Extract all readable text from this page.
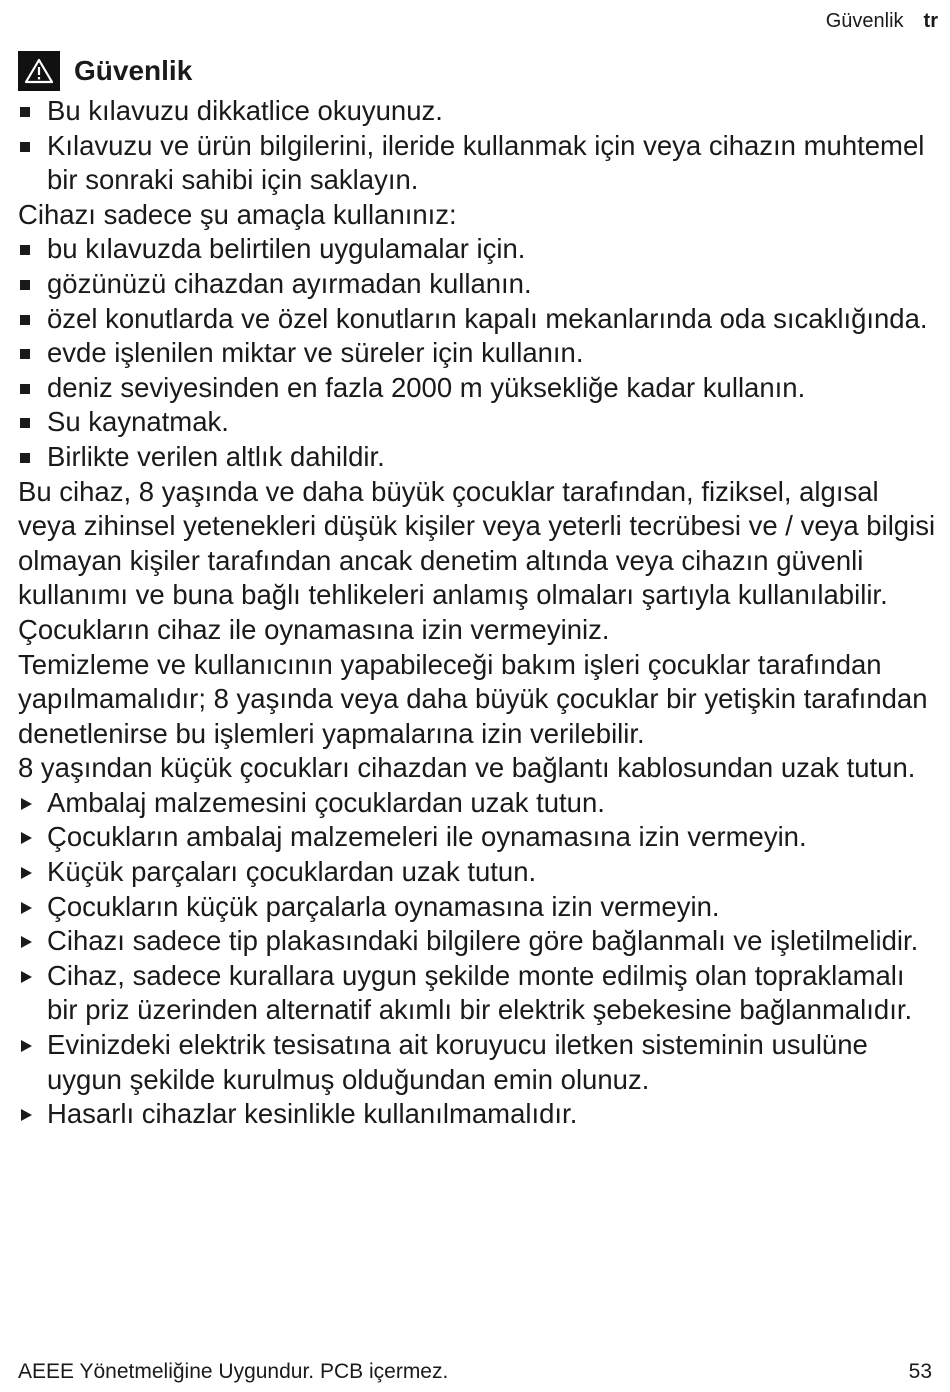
Güvenlik tr
Güvenlik
Bu kılavuzu dikkatlice okuyunuz.
Kılavuzu ve ürün bilgilerini, ileride kullanmak için veya cihazın muhtemel bir sonraki sahibi için saklayın.
Cihazı sadece şu amaçla kullanınız:
bu kılavuzda belirtilen uygulamalar için.
gözünüzü cihazdan ayırmadan kullanın.
özel konutlarda ve özel konutların kapalı mekanlarında oda sıcaklığında.
evde işlenilen miktar ve süreler için kullanın.
deniz seviyesinden en fazla 2000 m yüksekliğe kadar kullanın.
Su kaynatmak.
Birlikte verilen altlık dahildir.
Bu cihaz, 8 yaşında ve daha büyük çocuklar tarafından, fiziksel, algısal veya zihinsel yetenekleri düşük kişiler veya yeterli tecrübesi ve / veya bilgisi olmayan kişiler tarafından ancak denetim altında veya cihazın güvenli kullanımı ve buna bağlı tehlikeleri anlamış olmaları şartıyla kullanılabilir.
Çocukların cihaz ile oynamasına izin vermeyiniz.
Temizleme ve kullanıcının yapabileceği bakım işleri çocuklar tarafından yapılmamalıdır; 8 yaşında veya daha büyük çocuklar bir yetişkin tarafından denetlenirse bu işlemleri yapmalarına izin verilebilir.
8 yaşından küçük çocukları cihazdan ve bağlantı kablosundan uzak tutun.
Ambalaj malzemesini çocuklardan uzak tutun.
Çocukların ambalaj malzemeleri ile oynamasına izin vermeyin.
Küçük parçaları çocuklardan uzak tutun.
Çocukların küçük parçalarla oynamasına izin vermeyin.
Cihazı sadece tip plakasındaki bilgilere göre bağlanmalı ve işletilmelidir.
Cihaz, sadece kurallara uygun şekilde monte edilmiş olan topraklamalı bir priz üzerinden alternatif akımlı bir elektrik şebekesine bağlanmalıdır.
Evinizdeki elektrik tesisatına ait koruyucu iletken sisteminin usulüne uygun şekilde kurulmuş olduğundan emin olunuz.
Hasarlı cihazlar kesinlikle kullanılmamalıdır.
AEEE Yönetmeliğine Uygundur. PCB içermez.	53
